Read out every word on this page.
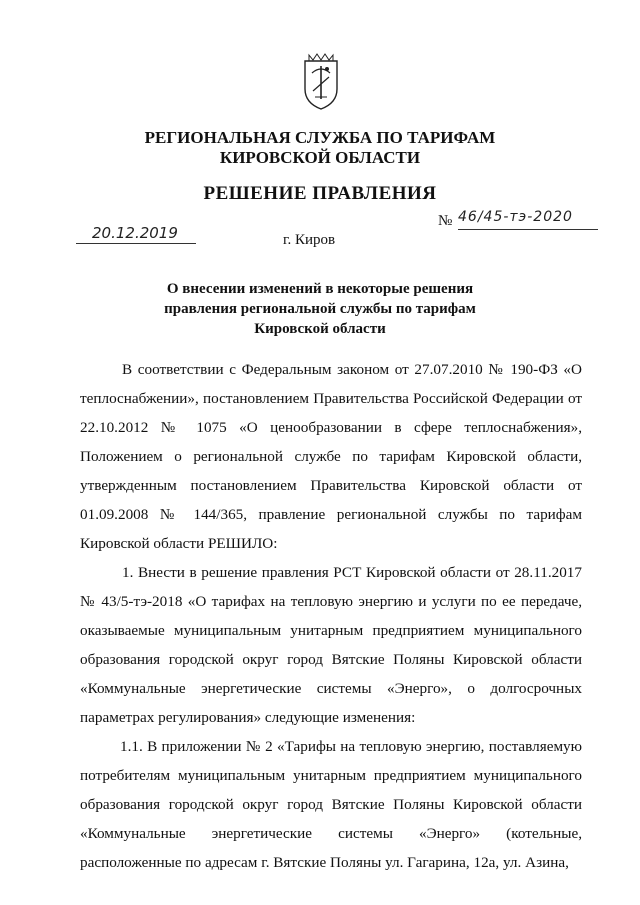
РЕГИОНАЛЬНАЯ СЛУЖБА ПО ТАРИФАМ
КИРОВСКОЙ ОБЛАСТИ
РЕШЕНИЕ ПРАВЛЕНИЯ
20.12.2019
№ 46/45-тэ-2020
г. Киров
О внесении изменений в некоторые решения
правления региональной службы по тарифам
Кировской области

В соответствии с Федеральным законом от 27.07.2010 № 190-ФЗ «О теплоснабжении», постановлением Правительства Российской Федерации от 22.10.2012 № 1075 «О ценообразовании в сфере теплоснабжения», Положением о региональной службе по тарифам Кировской области, утвержденным постановлением Правительства Кировской области от 01.09.2008 № 144/365, правление региональной службы по тарифам Кировской области РЕШИЛО:

1. Внести в решение правления РСТ Кировской области от 28.11.2017 № 43/5-тэ-2018 «О тарифах на тепловую энергию и услуги по ее передаче, оказываемые муниципальным унитарным предприятием муниципального образования городской округ город Вятские Поляны Кировской области «Коммунальные энергетические системы «Энерго», о долгосрочных параметрах регулирования» следующие изменения:

1.1. В приложении № 2 «Тарифы на тепловую энергию, поставляемую потребителям муниципальным унитарным предприятием муниципального образования городской округ город Вятские Поляны Кировской области «Коммунальные энергетические системы «Энерго» (котельные, расположенные по адресам г. Вятские Поляны ул. Гагарина, 12а, ул. Азина,
